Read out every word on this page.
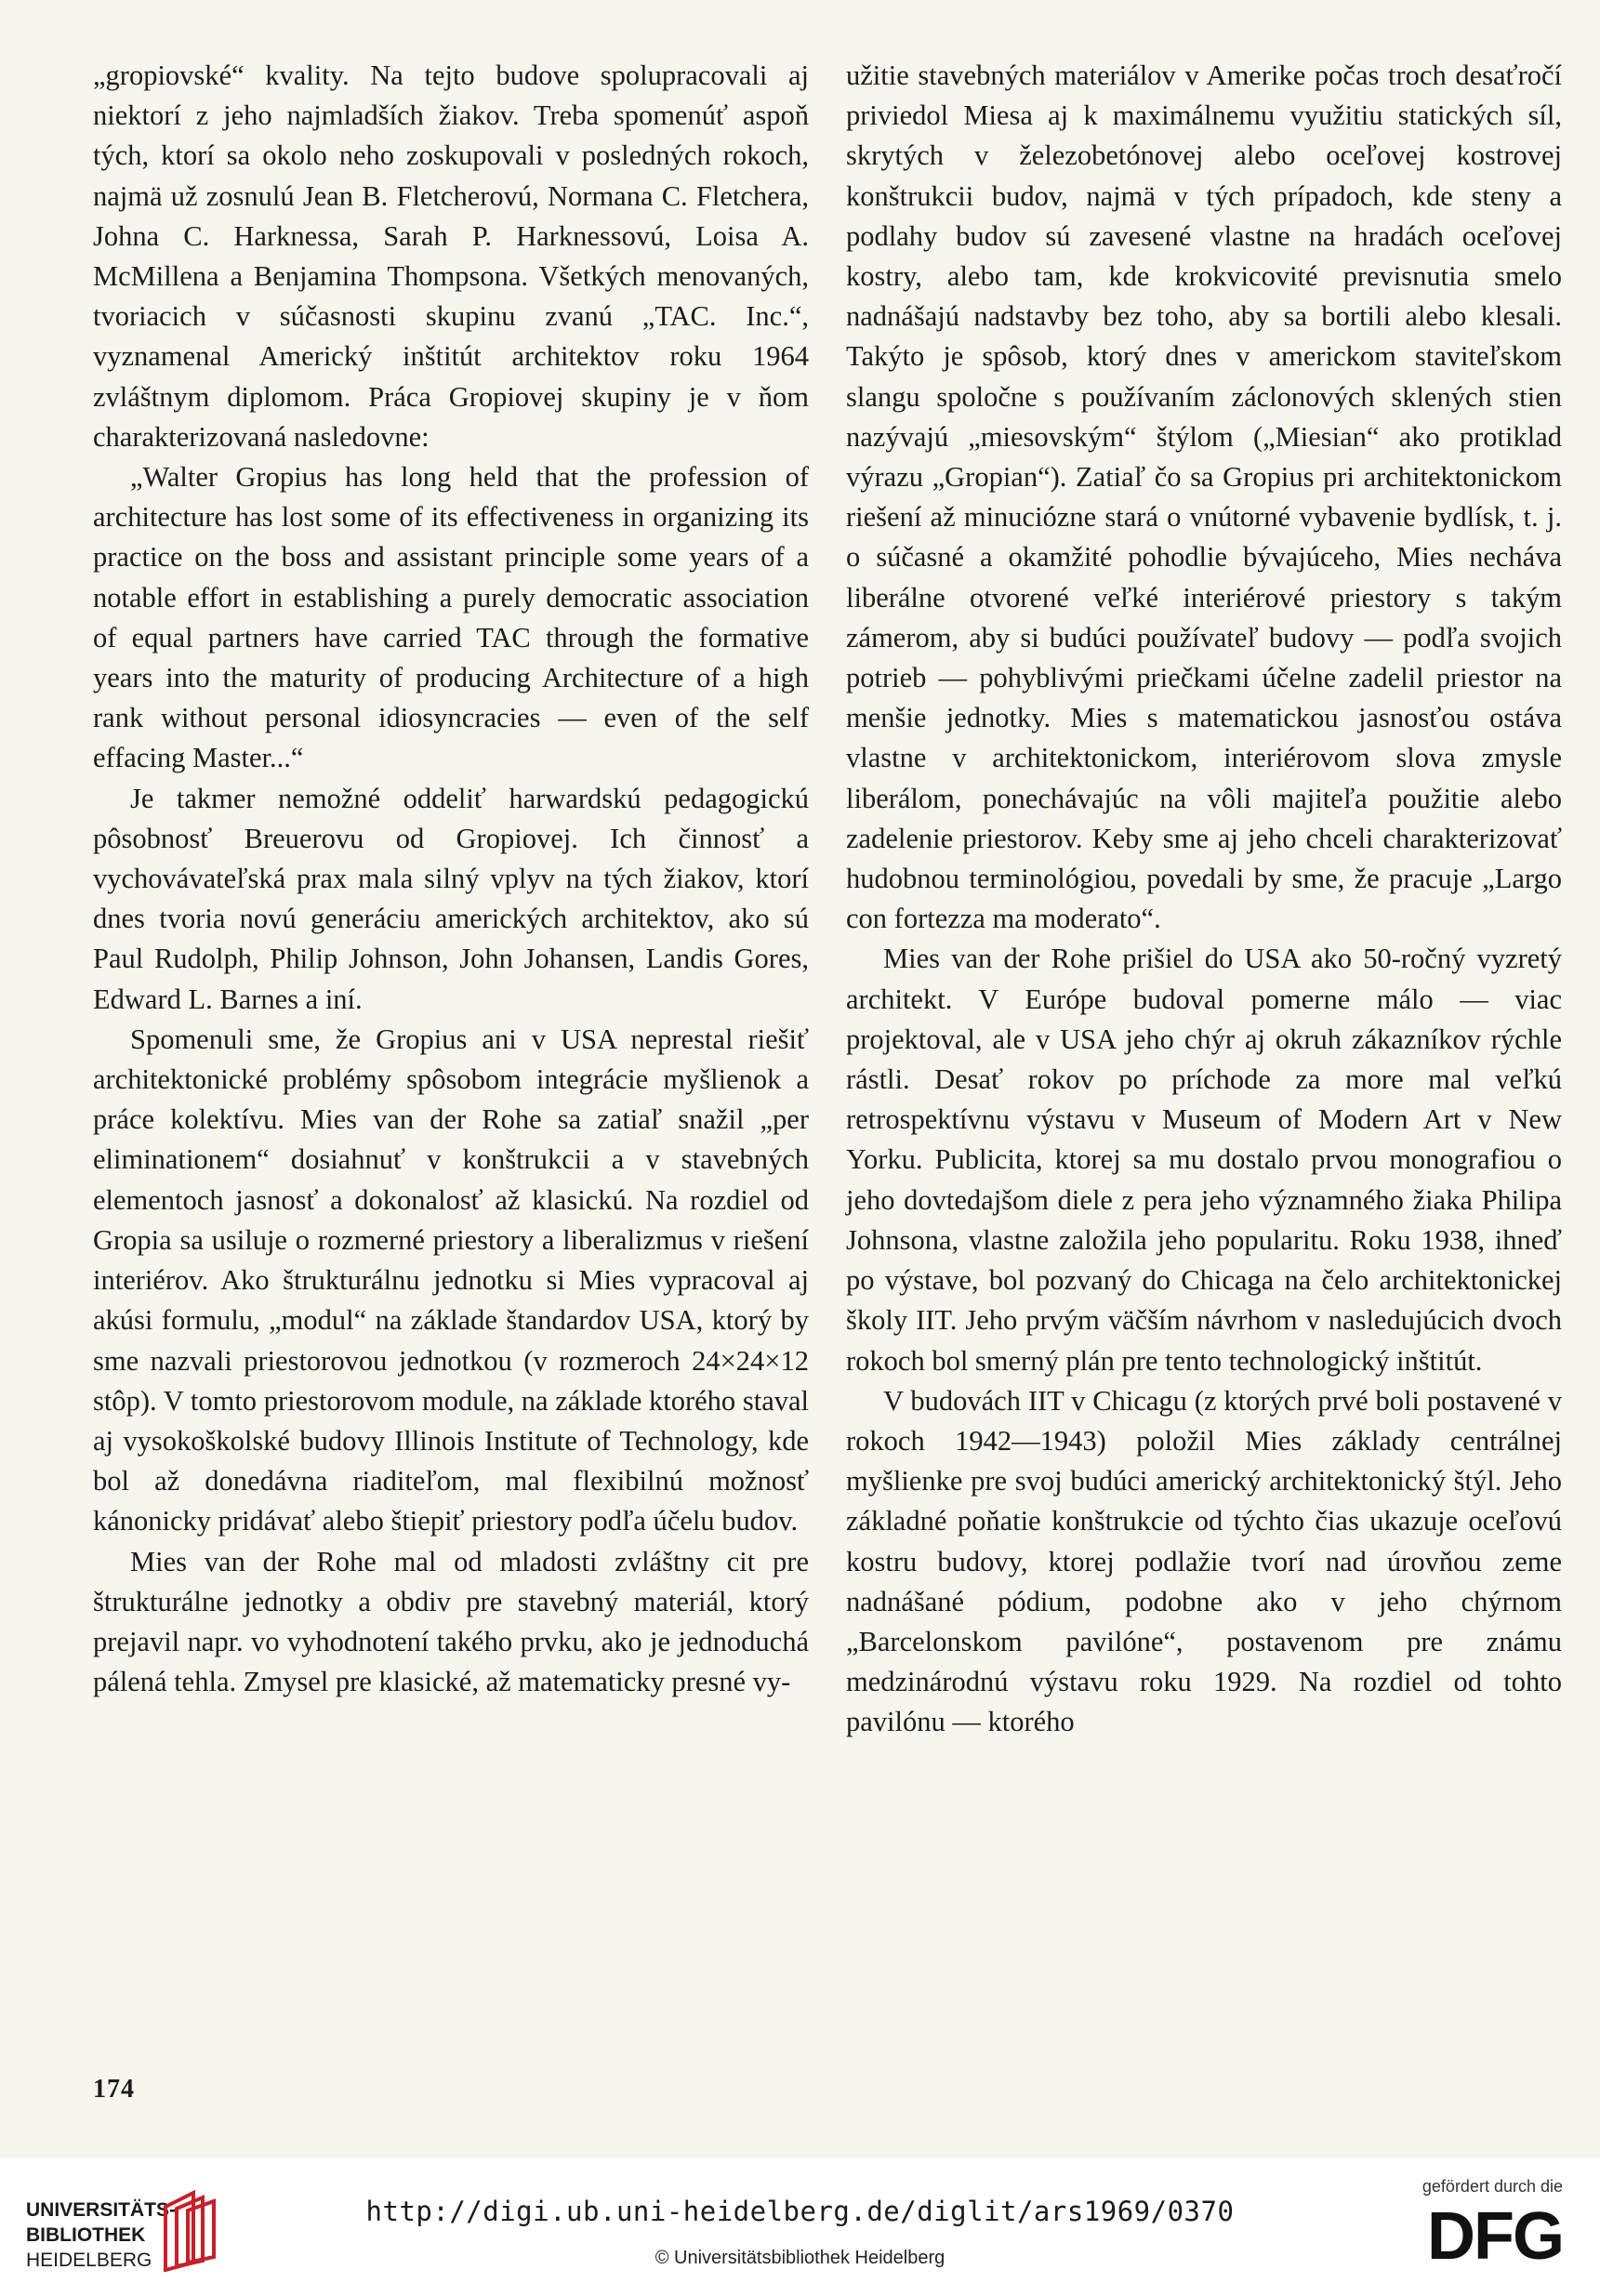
„gropiovské“ kvality. Na tejto budove spolupracovali aj niektorí z jeho najmladších žiakov. Treba spomenúť aspoň tých, ktorí sa okolo neho zoskupovali v posledných rokoch, najmä už zosnulú Jean B. Fletcherovú, Normana C. Fletchera, Johna C. Harknessa, Sarah P. Harknessovú, Loisa A. McMillena a Benjamina Thompsona. Všetkých menovaných, tvoriacich v súčasnosti skupinu zvanú „TAC. Inc.“, vyznamenal Americký inštitút architektov roku 1964 zvláštnym diplomom. Práca Gropiovej skupiny je v ňom charakterizovaná nasledovne:

„Walter Gropius has long held that the profession of architecture has lost some of its effectiveness in organizing its practice on the boss and assistant principle some years of a notable effort in establishing a purely democratic association of equal partners have carried TAC through the formative years into the maturity of producing Architecture of a high rank without personal idiosyncracies — even of the self effacing Master...“

Je takmer nemožné oddeliť harwardskú pedagogickú pôsobnosť Breuerovu od Gropiovej. Ich činnosť a vychovávateľská prax mala silný vplyv na tých žiakov, ktorí dnes tvoria novú generáciu amerických architektov, ako sú Paul Rudolph, Philip Johnson, John Johansen, Landis Gores, Edward L. Barnes a iní.

Spomenuli sme, že Gropius ani v USA neprestal riešiť architektonické problémy spôsobom integrácie myšlienok a práce kolektívu. Mies van der Rohe sa zatiaľ snažil „per eliminationem“ dosiahnuť v konštrukcii a v stavebných elementoch jasnosť a dokonalosť až klasickú. Na rozdiel od Gropia sa usiluje o rozmerné priestory a liberalizmus v riešení interiérov. Ako štrukturálnu jednotku si Mies vypracoval aj akúsi formulu, „modul“ na základe štandardov USA, ktorý by sme nazvali priestorovou jednotkou (v rozmeroch 24×24×12 stôp). V tomto priestorovom module, na základe ktorého staval aj vysokoškolské budovy Illinois Institute of Technology, kde bol až donedávna riaditeľom, mal flexibilnú možnosť kánonicky pridávať alebo štiepiť priestory podľa účelu budov.

Mies van der Rohe mal od mladosti zvláštny cit pre štrukturálne jednotky a obdiv pre stavebný materiál, ktorý prejavil napr. vo vyhodnotení takého prvku, ako je jednoduchá pálená tehla. Zmysel pre klasické, až matematicky presné vy-

užitie stavebných materiálov v Amerike počas troch desaťročí priviedol Miesa aj k maximálnemu využitiu statických síl, skrytých v železobetónovej alebo oceľovej kostrovej konštrukcii budov, najmä v tých prípadoch, kde steny a podlahy budov sú zavesené vlastne na hradách oceľovej kostry, alebo tam, kde krokvicovité previsnutia smelo nadnášajú nadstavby bez toho, aby sa bortili alebo klesali. Takýto je spôsob, ktorý dnes v americkom staviteľskom slangu spoločne s používaním záclonových sklených stien nazývajú „miesovským“ štýlom („Miesian“ ako protiklad výrazu „Gropian“). Zatiaľ čo sa Gropius pri architektonickom riešení až minuciózne stará o vnútorné vybavenie bydlísk, t. j. o súčasné a okamžité pohodlie bývajúceho, Mies necháva liberálne otvorené veľké interiérové priestory s takým zámerom, aby si budúci používateľ budovy — podľa svojich potrieb — pohyblivými priečkami účelne zadelil priestor na menšie jednotky. Mies s matematickou jasnosťou ostáva vlastne v architektonickom, interiérovom slova zmysle liberálom, ponechávajúc na vôli majiteľa použitie alebo zadelenie priestorov. Keby sme aj jeho chceli charakterizovať hudobnou terminológiou, povedali by sme, že pracuje „Largo con fortezza ma moderato“.

Mies van der Rohe prišiel do USA ako 50-ročný vyzretý architekt. V Európe budoval pomerne málo — viac projektoval, ale v USA jeho chýr aj okruh zákazníkov rýchle rástli. Desať rokov po príchode za more mal veľkú retrospektívnu výstavu v Museum of Modern Art v New Yorku. Publicita, ktorej sa mu dostalo prvou monografiou o jeho dovtedajšom diele z pera jeho významného žiaka Philipa Johnsona, vlastne založila jeho popularitu. Roku 1938, ihneď po výstave, bol pozvaný do Chicaga na čelo architektonickej školy IIT. Jeho prvým väčším návrhom v nasledujúcich dvoch rokoch bol smerný plán pre tento technologický inštitút.

V budovách IIT v Chicagu (z ktorých prvé boli postavené v rokoch 1942—1943) položil Mies základy centrálnej myšlienke pre svoj budúci americký architektonický štýl. Jeho základné poňatie konštrukcie od týchto čias ukazuje oceľovú kostru budovy, ktorej podlažie tvorí nad úrovňou zeme nadnášané pódium, podobne ako v jeho chýrnom „Barcelonskom pavilóne“, postavenom pre známu medzinárodnú výstavu roku 1929. Na rozdiel od tohto pavilónu — ktorého

174
UNIVERSITÄTS-
BIBLIOTHEK
HEIDELBERG
http://digi.ub.uni-heidelberg.de/diglit/ars1969/0370
© Universitätsbibliothek Heidelberg
gefördert durch die
DFG
